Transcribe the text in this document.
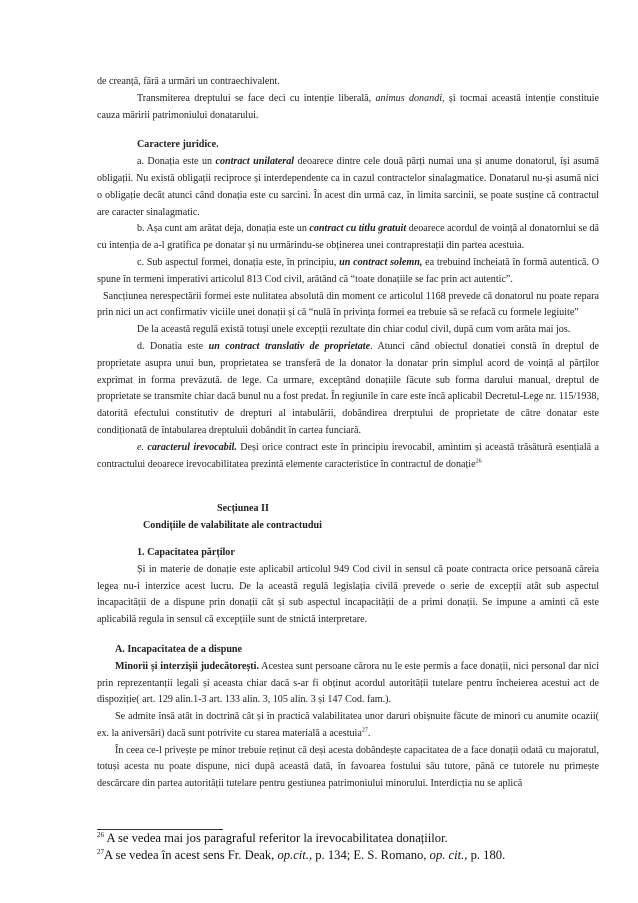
de creanță, fără a urmări un contraechivalent.

Transmiterea dreptului se face deci cu intenție liberală, animus donandi, și tocmai această intenție constituie cauza măririi patrimoniului donatarului.

Caractere juridice.

a. Donația este un contract unilateral deoarece dintre cele două părți numai una și anume donatorul, își asumă obligații. Nu există obligații reciproce și interdependente ca in cazul contractelor sinalagmatice. Donatarul nu-și asumă nici o obligație decât atunci când donația este cu sarcini. În acest din urmă caz, în limita sarcinii, se poate susține că contractul are caracter sinalagmatic.

b. Așa cunt am arătat deja, donația este un contract cu titlu gratuit deoarece acordul de voință al donatornlui se dă cu intenția de a-l gratifica pe donatar și nu urmărindu-se obținerea unei contraprestații din partea acestuia.

c. Sub aspectul formei, donația este, în principiu, un contract solemn, ea trebuind încheiată în formă autentică. O spune în termeni imperativi articolul 813 Cod civil, arătând că “toate donațiile se fac prin act autentic”.

Sancțiunea nerespectării formei este nulitatea absolută din moment ce articolul 1168 prevede că donatorul nu poate repara prin nici un act confirmativ viciile unei donații și că “nulă în privința formei ea trebuie să se refacă cu formele legiuite”

De la această regulă există totuși unele excepții rezultate din chiar codul civil, după cum vom arăta mai jos.

d. Donatia este un contract translativ de proprietate. Atunci când obiectul donatiei constă în dreptul de proprietate asupra unui bun, proprietatea se transferă de la donator la donatar prin simplul acord de voință al părților exprimat in forma prevăzută. de lege. Ca urmare, exceptând donațiile făcute sub forma darului manual, dreptul de proprietate se transmite chiar dacă bunul nu a fost predat. În regiunile în care este încă aplicabil Decretul-Lege nr. 115/1938, datorită efectului constitutiv de drepturi al intabulării, dobândirea drerptului de proprietate de către donatar este condiționată de întabularea dreptuluii dobândit în cartea funciară.

e. caracterul irevocabil. Deși orice contract este în principiu irevocabil, amintim și această trăsătură esențială a contractului deoarece irevocabilitatea prezintă elemente caracteristice în contractul de donație$^{26}$

Secțiunea II

Condițiile de valabilitate ale contractudui

1. Capacitatea părților

Și in materie de donație este aplicabil articolul 949 Cod civil in sensul că poate contracta orice persoană căreia legea nu-i interzice acest lucru. De la această regulă legislația civilă prevede o serie de excepții atât sub aspectul incapacității de a dispune prin donații cât și sub aspectul incapacității de a primi donații. Se impune a aminti că este aplicabilă regula in sensul că excepțiile sunt de stnictă interpretare.

A. Incapacitatea de a dispune

Minorii și interzișii judecătorești. Acestea sunt persoane cărora nu le este permis a face donații, nici personal dar nici prin reprezentanții legali și aceasta chiar dacă s-ar fi obținut acordul autorității tutelare pentru încheierea acestui act de dispoziție( art. 129 alin.1-3 art. 133 alin. 3, 105 alin. 3 și 147 Cod. fam.).

Se admite însă atât in doctrină cât și în practică valabilitatea unor daruri obișnuite făcute de minori cu anumite ocazii( ex. la aniversări) dacă sunt potrivite cu starea materială a acestuia$^{27}$.

În ceea ce-l privește pe minor trebuie reținut că deși acesta dobândește capacitatea de a face donații odată cu majoratul, totuși acesta nu poate dispune, nici după această dată, în favoarea fostului său tutore, până ce tutorele nu primește descărcare din partea autorității tutelare pentru gestiunea patrimoniului minorului. Interdicția nu se aplică

$^{26}$ A se vedea mai jos paragraful referitor la irevocabilitatea donațiilor.

$^{27}$A se vedea în acest sens Fr. Deak, op.cit., p. 134; E. S. Romano, op. cit., p. 180.
